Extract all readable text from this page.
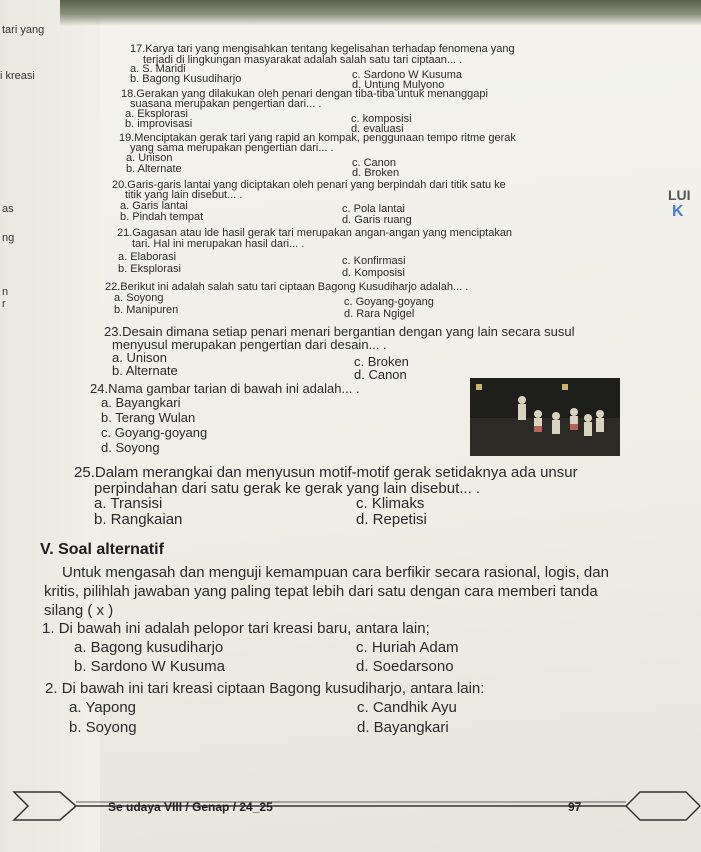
tari yang
i kreasi
as
ng
n
r
LUI
K
17.Karya tari yang mengisahkan tentang kegelisahan terhadap fenomena yang
terjadi di lingkungan masyarakat adalah salah satu tari ciptaan... .
a. S. Maridi
b. Bagong Kusudiharjo	c. Sardono W Kusuma
d. Untung Mulyono
18.Gerakan yang dilakukan oleh penari dengan tiba-tiba untuk menanggapi
suasana merupakan pengertian dari... .
a. Eksplorasi
b. improvisasi	c. komposisi
d. evaluasi
19.Menciptakan gerak tari yang rapid an kompak, penggunaan tempo ritme gerak
yang sama merupakan pengertian dari... .
a. Unison
b. Alternate	c. Canon
d. Broken
20.Garis-garis lantai yang diciptakan oleh penari yang berpindah dari titik satu ke
titik yang lain disebut... .
a. Garis lantai
b. Pindah tempat
c. Pola lantai
d. Garis ruang
21.Gagasan atau ide hasil gerak tari merupakan angan-angan yang menciptakan
tari. Hal ini merupakan hasil dari... .
a. Elaborasi
b. Eksplorasi
c. Konfirmasi
d. Komposisi
22.Berikut ini adalah salah satu tari ciptaan Bagong Kusudiharjo adalah... .
a. Soyong
b. Manipuren
c. Goyang-goyang
d. Rara Ngigel
23.Desain dimana setiap penari menari bergantian dengan yang lain secara susul
menyusul merupakan pengertian dari desain... .
a. Unison
b. Alternate
c. Broken
d. Canon
24.Nama gambar tarian di bawah ini adalah... .
a. Bayangkari
b. Terang Wulan
c. Goyang-goyang
d. Soyong
25.Dalam merangkai dan menyusun motif-motif gerak setidaknya ada unsur
perpindahan dari satu gerak ke gerak yang lain disebut... .
a. Transisi
b. Rangkaian
c. Klimaks
d. Repetisi
V. Soal alternatif
Untuk mengasah dan menguji kemampuan cara berfikir secara rasional, logis, dan
kritis, pilihlah jawaban yang paling tepat lebih dari satu dengan cara memberi tanda
silang ( x )
1. Di bawah ini adalah pelopor tari kreasi baru, antara lain;
a. Bagong kusudiharjo
b. Sardono W Kusuma
c. Huriah Adam
d. Soedarsono
2. Di bawah ini tari kreasi ciptaan Bagong kusudiharjo, antara lain:
a. Yapong
b. Soyong
c. Candhik Ayu
d. Bayangkari
Se udaya VIII / Genap / 24_25	97
